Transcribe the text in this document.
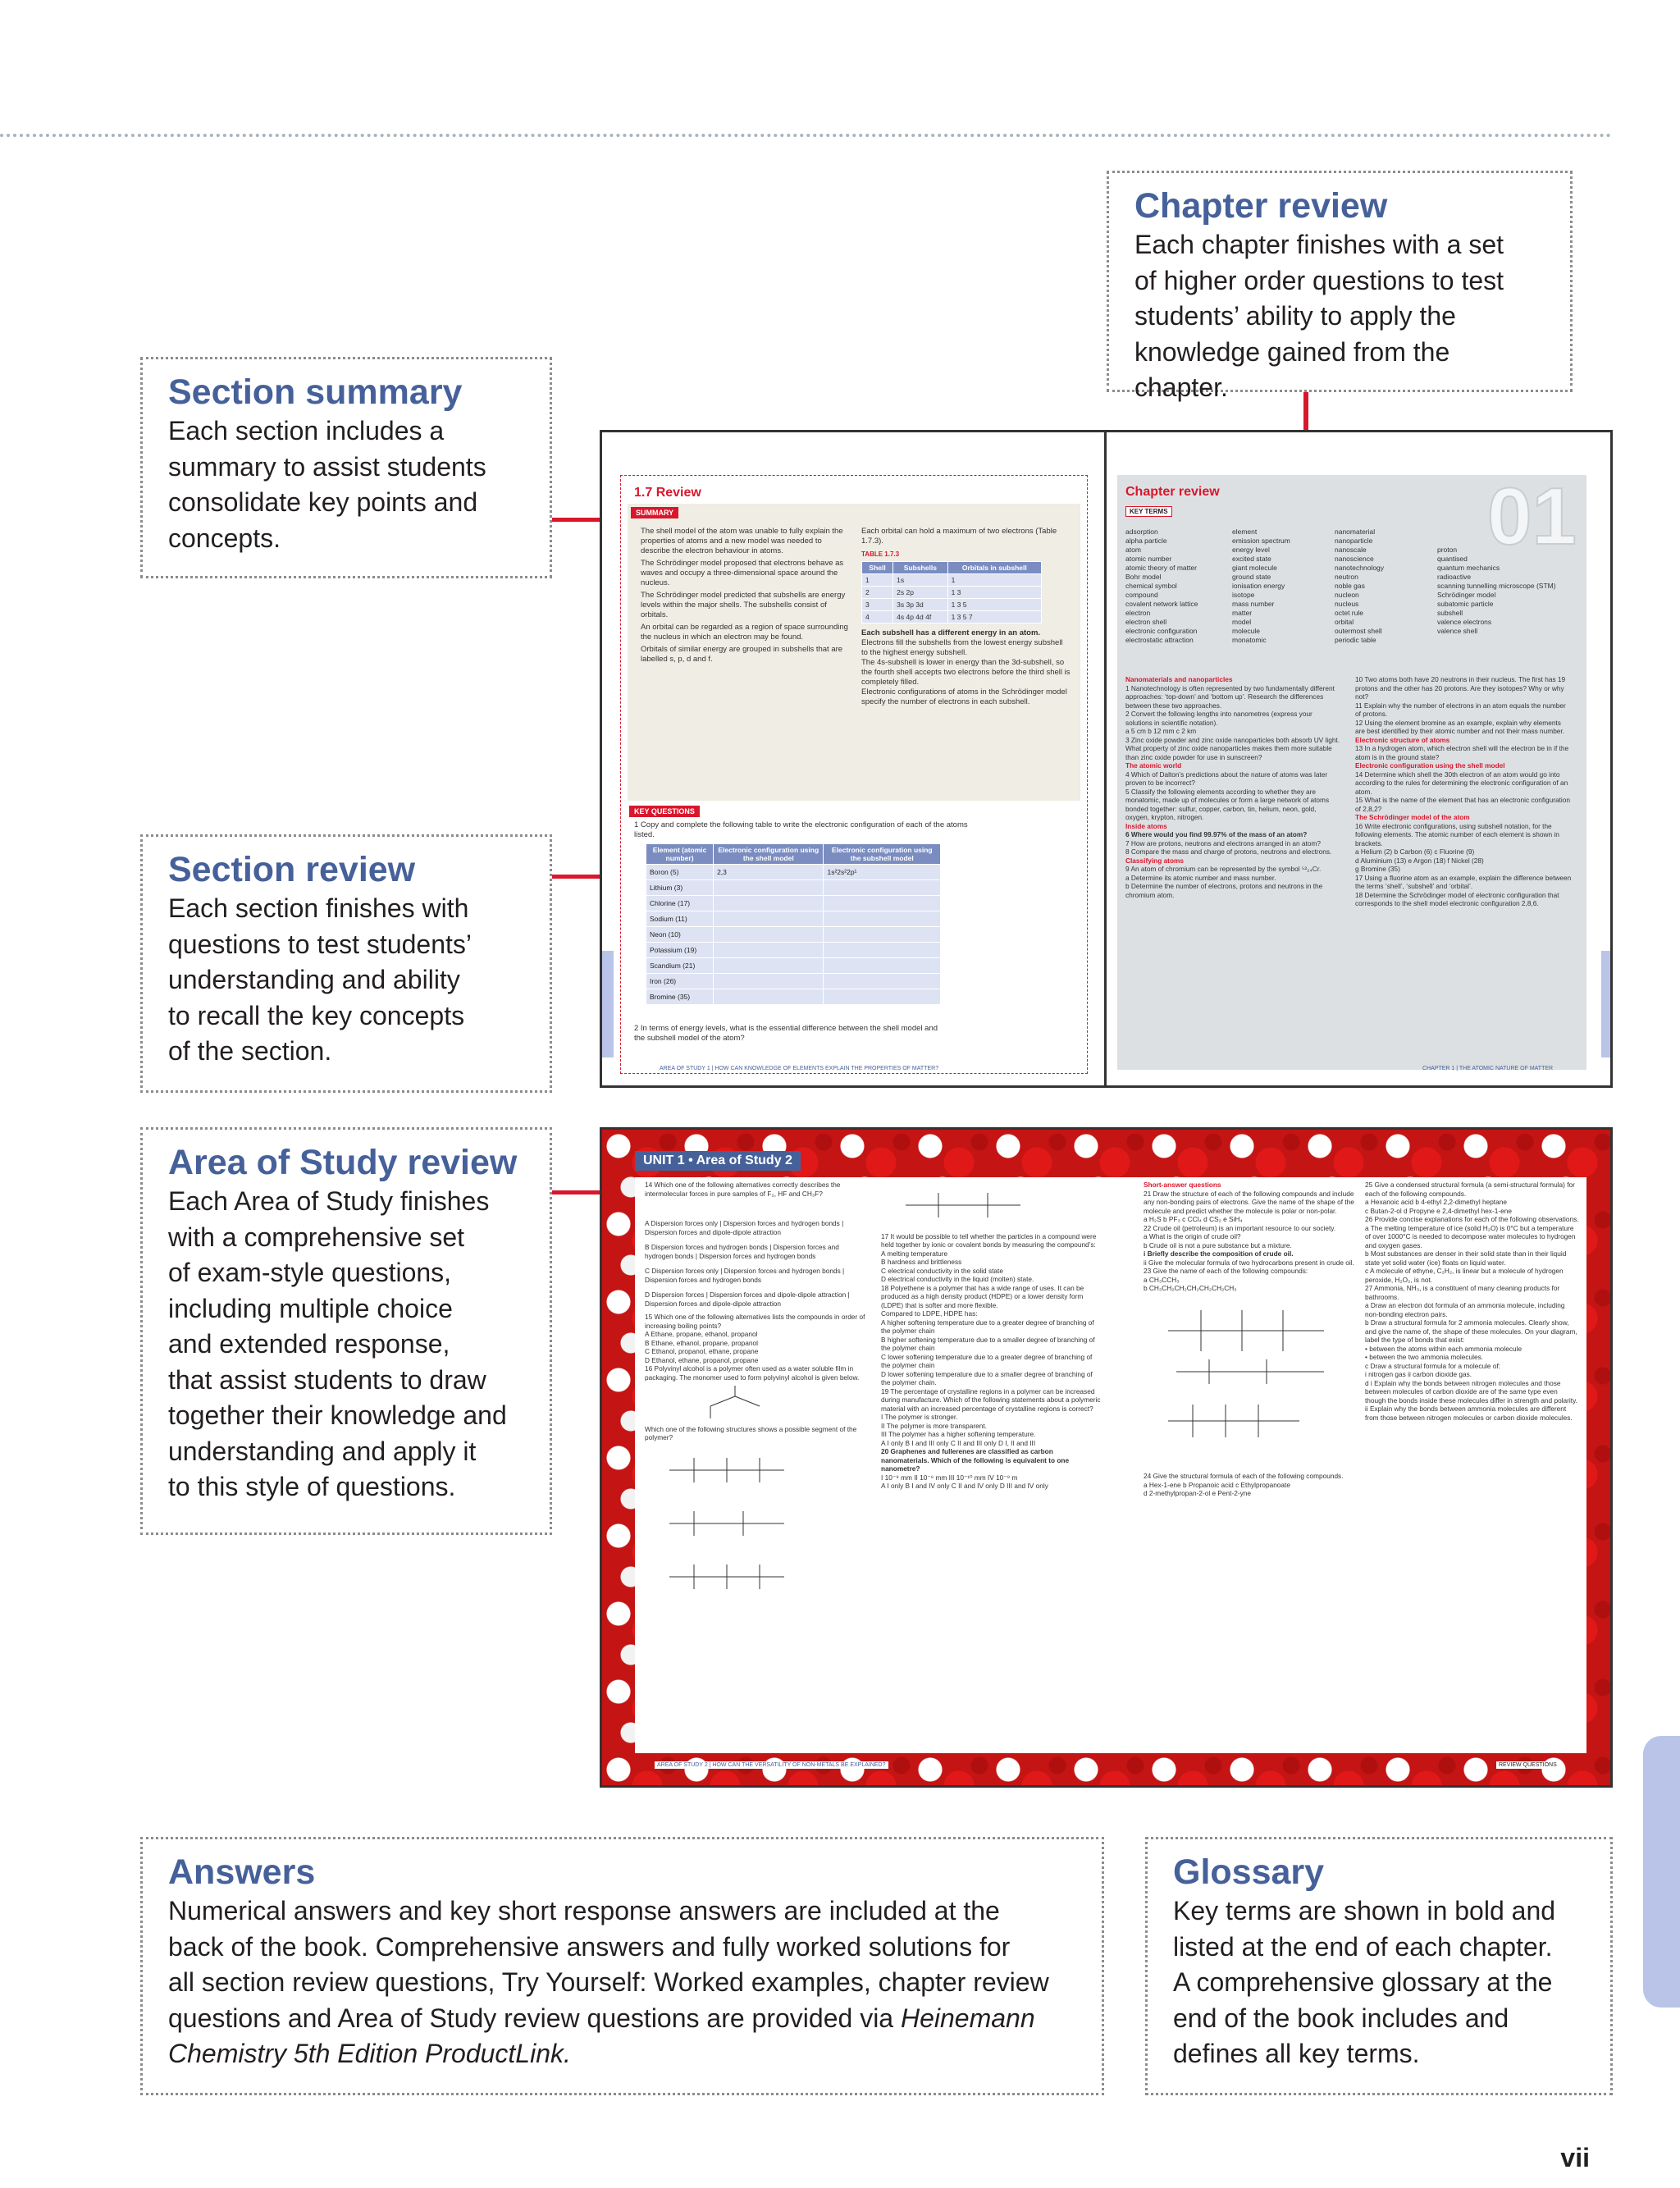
Chapter review

Each chapter finishes with a set

of higher order questions to test

students’ ability to apply the

knowledge gained from the chapter.

Section summary

Each section includes a

summary to assist students

consolidate key points and

concepts.

Section review

Each section finishes with

questions to test students’

understanding and ability

to recall the key concepts

of the section.

Area of Study review

Each Area of Study finishes

with a comprehensive set

of exam-style questions,

including multiple choice

and extended response,

that assist students to draw

together their knowledge and

understanding and apply it

to this style of questions.

1.7 Review
SUMMARY
The shell model of the atom was unable to fully explain the properties of atoms and a new model was needed to describe the electron behaviour in atoms.
The Schrödinger model proposed that electrons behave as waves and occupy a three-dimensional space around the nucleus.
The Schrödinger model predicted that subshells are energy levels within the major shells. The subshells consist of orbitals.
An orbital can be regarded as a region of space surrounding the nucleus in which an electron may be found.
Orbitals of similar energy are grouped in subshells that are labelled s, p, d and f.
Each orbital can hold a maximum of two electrons (Table 1.7.3).
TABLE 1.7.3
Shell	Subshells	Orbitals in subshell
1	1s	1
2	2s 2p	1 3
3	3s 3p 3d	1 3 5
4	4s 4p 4d 4f	1 3 5 7
Each subshell has a different energy in an atom.
Electrons fill the subshells from the lowest energy subshell to the highest energy subshell.
The 4s-subshell is lower in energy than the 3d-subshell, so the fourth shell accepts two electrons before the third shell is completely filled.
Electronic configurations of atoms in the Schrödinger model specify the number of electrons in each subshell.
KEY QUESTIONS
1 Copy and complete the following table to write the electronic configuration of each of the atoms listed.
Element (atomic number)	Electronic configuration using the shell model	Electronic configuration using the subshell model
Boron (5)	2,3	1s²2s²2p¹
Lithium (3)		
Chlorine (17)		
Sodium (11)		
Neon (10)		
Potassium (19)		
Scandium (21)		
Iron (26)		
Bromine (35)		
2 In terms of energy levels, what is the essential difference between the shell model and the subshell model of the atom?
AREA OF STUDY 1 | HOW CAN KNOWLEDGE OF ELEMENTS EXPLAIN THE PROPERTIES OF MATTER?
Chapter review	01
KEY TERMS
adsorption
alpha particle
atom
atomic number
atomic theory of matter
Bohr model
chemical symbol
compound
covalent network lattice
electron
electron shell
electronic configuration
electrostatic attraction
element
emission spectrum
energy level
excited state
giant molecule
ground state
ionisation energy
isotope
mass number
matter
model
molecule
monatomic
nanomaterial
nanoparticle
nanoscale
nanoscience
nanotechnology
neutron
noble gas
nucleon
nucleus
octet rule
orbital
outermost shell
periodic table
proton
quantised
quantum mechanics
radioactive
scanning tunnelling microscope (STM)
Schrödinger model
subatomic particle
subshell
valence electrons
valence shell
Nanomaterials and nanoparticles
1 Nanotechnology is often represented by two fundamentally different approaches: ‘top-down’ and ‘bottom up’. Research the differences between these two approaches.
2 Convert the following lengths into nanometres (express your solutions in scientific notation).
a 5 cm b 12 mm c 2 km
3 Zinc oxide powder and zinc oxide nanoparticles both absorb UV light. What property of zinc oxide nanoparticles makes them more suitable than zinc oxide powder for use in sunscreen?
The atomic world
4 Which of Dalton’s predictions about the nature of atoms was later proven to be incorrect?
5 Classify the following elements according to whether they are monatomic, made up of molecules or form a large network of atoms bonded together: sulfur, copper, carbon, tin, helium, neon, gold, oxygen, krypton, nitrogen.
Inside atoms
6 Where would you find 99.97% of the mass of an atom?
7 How are protons, neutrons and electrons arranged in an atom?
8 Compare the mass and charge of protons, neutrons and electrons.
Classifying atoms
9 An atom of chromium can be represented by the symbol ⁵²₂₄Cr.
a Determine its atomic number and mass number.
b Determine the number of electrons, protons and neutrons in the chromium atom.
10 Two atoms both have 20 neutrons in their nucleus. The first has 19 protons and the other has 20 protons. Are they isotopes? Why or why not?
11 Explain why the number of electrons in an atom equals the number of protons.
12 Using the element bromine as an example, explain why elements are best identified by their atomic number and not their mass number.
Electronic structure of atoms
13 In a hydrogen atom, which electron shell will the electron be in if the atom is in the ground state?
Electronic configuration using the shell model
14 Determine which shell the 30th electron of an atom would go into according to the rules for determining the electronic configuration of an atom.
15 What is the name of the element that has an electronic configuration of 2,8,2?
The Schrödinger model of the atom
16 Write electronic configurations, using subshell notation, for the following elements. The atomic number of each element is shown in brackets.
a Helium (2) b Carbon (6) c Fluorine (9)
d Aluminium (13) e Argon (18) f Nickel (28)
g Bromine (35)
17 Using a fluorine atom as an example, explain the difference between the terms ‘shell’, ‘subshell’ and ‘orbital’.
18 Determine the Schrödinger model of electronic configuration that corresponds to the shell model electronic configuration 2,8,6.
CHAPTER 1 | THE ATOMIC NATURE OF MATTER
UNIT 1 • Area of Study 2
14 Which one of the following alternatives correctly describes the intermolecular forces in pure samples of F₂, HF and CH₃F?
A Dispersion forces only | Dispersion forces and hydrogen bonds | Dispersion forces and dipole-dipole attraction
B Dispersion forces and hydrogen bonds | Dispersion forces and hydrogen bonds | Dispersion forces and hydrogen bonds
C Dispersion forces only | Dispersion forces and hydrogen bonds | Dispersion forces and hydrogen bonds
D Dispersion forces | Dispersion forces and dipole-dipole attraction | Dispersion forces and dipole-dipole attraction
15 Which one of the following alternatives lists the compounds in order of increasing boiling points?
A Ethane, propane, ethanol, propanol
B Ethane, ethanol, propane, propanol
C Ethanol, propanol, ethane, propane
D Ethanol, ethane, propanol, propane
16 Polyvinyl alcohol is a polymer often used as a water soluble film in packaging. The monomer used to form polyvinyl alcohol is given below.
Which one of the following structures shows a possible segment of the polymer?
17 It would be possible to tell whether the particles in a compound were held together by ionic or covalent bonds by measuring the compound’s:
A melting temperature
B hardness and brittleness
C electrical conductivity in the solid state
D electrical conductivity in the liquid (molten) state.
18 Polyethene is a polymer that has a wide range of uses. It can be produced as a high density product (HDPE) or a lower density form (LDPE) that is softer and more flexible.
Compared to LDPE, HDPE has:
A higher softening temperature due to a greater degree of branching of the polymer chain
B higher softening temperature due to a smaller degree of branching of the polymer chain
C lower softening temperature due to a greater degree of branching of the polymer chain
D lower softening temperature due to a smaller degree of branching of the polymer chain.
19 The percentage of crystalline regions in a polymer can be increased during manufacture. Which of the following statements about a polymeric material with an increased percentage of crystalline regions is correct?
I The polymer is stronger.
II The polymer is more transparent.
III The polymer has a higher softening temperature.
A I only B I and III only C II and III only D I, II and III
20 Graphenes and fullerenes are classified as carbon nanomaterials. Which of the following is equivalent to one nanometre?
I 10⁻⁹ mm II 10⁻⁶ mm III 10⁻¹⁰ mm IV 10⁻⁹ m
A I only B I and IV only C II and IV only D III and IV only
Short-answer questions
21 Draw the structure of each of the following compounds and include any non-bonding pairs of electrons. Give the name of the shape of the molecule and predict whether the molecule is polar or non-polar.
a H₂S b PF₃ c CCl₄ d CS₂ e SiH₄
22 Crude oil (petroleum) is an important resource to our society.
a What is the origin of crude oil?
b Crude oil is not a pure substance but a mixture.
i Briefly describe the composition of crude oil.
ii Give the molecular formula of two hydrocarbons present in crude oil.
23 Give the name of each of the following compounds:
a CH₃CCH₃
b CH₃CH₂CH₂CH₂CH₂CH₂CH₃
24 Give the structural formula of each of the following compounds.
a Hex-1-ene b Propanoic acid c Ethylpropanoate
d 2-methylpropan-2-ol e Pent-2-yne
25 Give a condensed structural formula (a semi-structural formula) for each of the following compounds.
a Hexanoic acid b 4-ethyl 2,2-dimethyl heptane
c Butan-2-ol d Propyne e 2,4-dimethyl hex-1-ene
26 Provide concise explanations for each of the following observations.
a The melting temperature of ice (solid H₂O) is 0°C but a temperature of over 1000°C is needed to decompose water molecules to hydrogen and oxygen gases.
b Most substances are denser in their solid state than in their liquid state yet solid water (ice) floats on liquid water.
c A molecule of ethyne, C₂H₂, is linear but a molecule of hydrogen peroxide, H₂O₂, is not.
27 Ammonia, NH₃, is a constituent of many cleaning products for bathrooms.
a Draw an electron dot formula of an ammonia molecule, including non-bonding electron pairs.
b Draw a structural formula for 2 ammonia molecules. Clearly show, and give the name of, the shape of these molecules. On your diagram, label the type of bonds that exist:
• between the atoms within each ammonia molecule
• between the two ammonia molecules.
c Draw a structural formula for a molecule of:
i nitrogen gas ii carbon dioxide gas.
d i Explain why the bonds between nitrogen molecules and those between molecules of carbon dioxide are of the same type even though the bonds inside these molecules differ in strength and polarity.
ii Explain why the bonds between ammonia molecules are different from those between nitrogen molecules or carbon dioxide molecules.
AREA OF STUDY 2 | HOW CAN THE VERSATILITY OF NON-METALS BE EXPLAINED?	REVIEW QUESTIONS
Answers

Numerical answers and key short response answers are included at the

back of the book. Comprehensive answers and fully worked solutions for

all section review questions, Try Yourself: Worked examples, chapter review

questions and Area of Study review questions are provided via Heinemann

Chemistry 5th Edition ProductLink.

Glossary

Key terms are shown in bold and

listed at the end of each chapter.

A comprehensive glossary at the

end of the book includes and

defines all key terms.

vii
